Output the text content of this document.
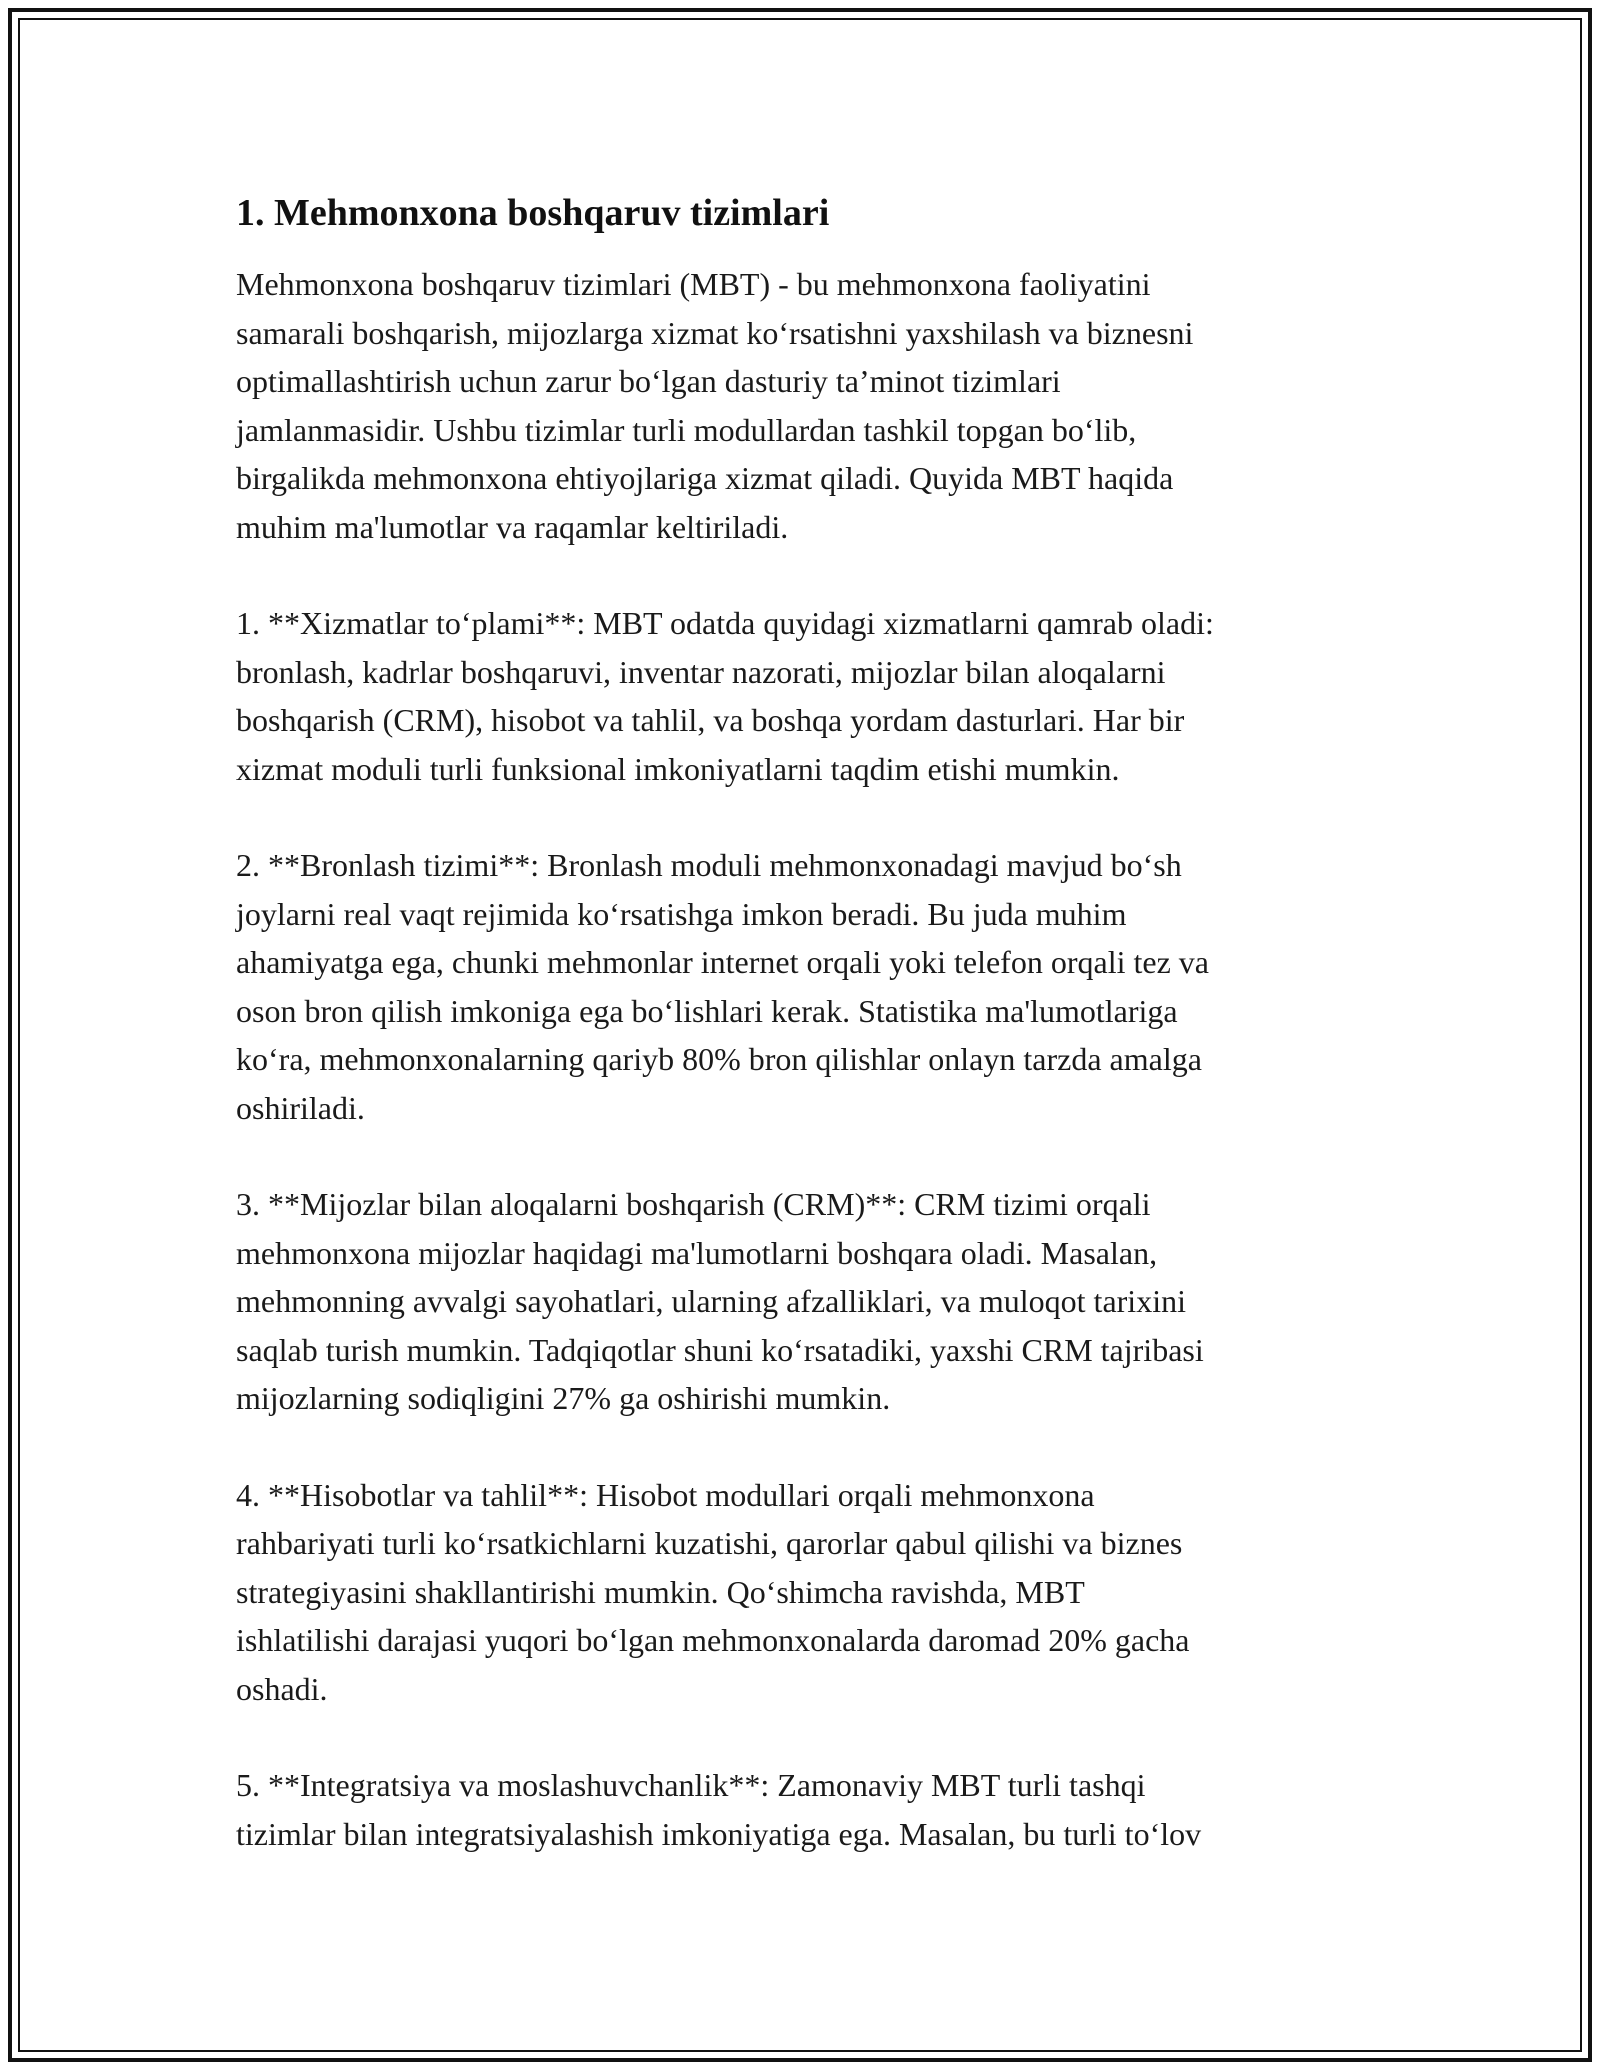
1. Mehmonxona boshqaruv tizimlari

Mehmonxona boshqaruv tizimlari (MBT) - bu mehmonxona faoliyatini
samarali boshqarish, mijozlarga xizmat ko‘rsatishni yaxshilash va biznesni
optimallashtirish uchun zarur bo‘lgan dasturiy ta’minot tizimlari
jamlanmasidir. Ushbu tizimlar turli modullardan tashkil topgan bo‘lib,
birgalikda mehmonxona ehtiyojlariga xizmat qiladi. Quyida MBT haqida
muhim ma'lumotlar va raqamlar keltiriladi.

1. **Xizmatlar to‘plami**: MBT odatda quyidagi xizmatlarni qamrab oladi:
bronlash, kadrlar boshqaruvi, inventar nazorati, mijozlar bilan aloqalarni
boshqarish (CRM), hisobot va tahlil, va boshqa yordam dasturlari. Har bir
xizmat moduli turli funksional imkoniyatlarni taqdim etishi mumkin.

2. **Bronlash tizimi**: Bronlash moduli mehmonxonadagi mavjud bo‘sh
joylarni real vaqt rejimida ko‘rsatishga imkon beradi. Bu juda muhim
ahamiyatga ega, chunki mehmonlar internet orqali yoki telefon orqali tez va
oson bron qilish imkoniga ega bo‘lishlari kerak. Statistika ma'lumotlariga
ko‘ra, mehmonxonalarning qariyb 80% bron qilishlar onlayn tarzda amalga
oshiriladi.

3. **Mijozlar bilan aloqalarni boshqarish (CRM)**: CRM tizimi orqali
mehmonxona mijozlar haqidagi ma'lumotlarni boshqara oladi. Masalan,
mehmonning avvalgi sayohatlari, ularning afzalliklari, va muloqot tarixini
saqlab turish mumkin. Tadqiqotlar shuni ko‘rsatadiki, yaxshi CRM tajribasi
mijozlarning sodiqligini 27% ga oshirishi mumkin.

4. **Hisobotlar va tahlil**: Hisobot modullari orqali mehmonxona
rahbariyati turli ko‘rsatkichlarni kuzatishi, qarorlar qabul qilishi va biznes
strategiyasini shakllantirishi mumkin. Qo‘shimcha ravishda, MBT
ishlatilishi darajasi yuqori bo‘lgan mehmonxonalarda daromad 20% gacha
oshadi.

5. **Integratsiya va moslashuvchanlik**: Zamonaviy MBT turli tashqi
tizimlar bilan integratsiyalashish imkoniyatiga ega. Masalan, bu turli to‘lov
